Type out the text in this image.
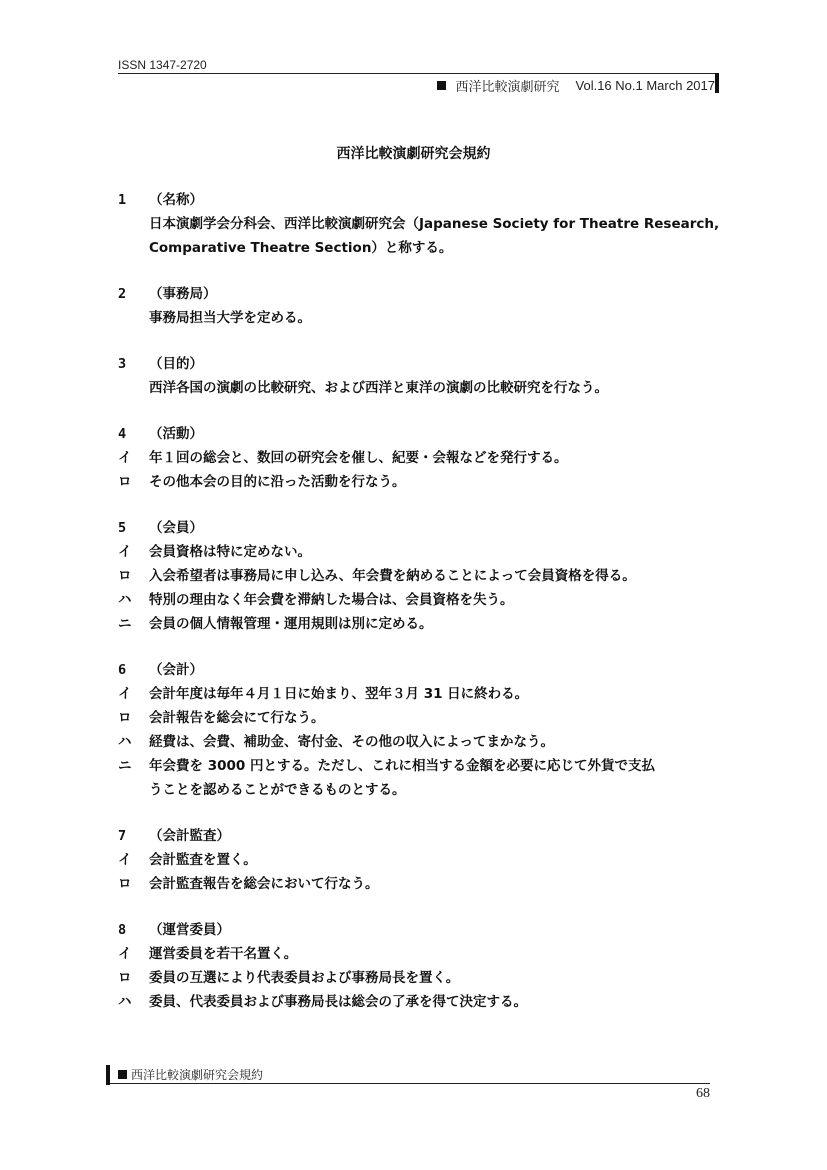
ISSN 1347-2720
西洋比較演劇研究 Vol.16 No.1 March 2017
西洋比較演劇研究会規約
1	（名称）
日本演劇学会分科会、西洋比較演劇研究会（Japanese Society for Theatre Research,
Comparative Theatre Section）と称する。
2	（事務局）
事務局担当大学を定める。
3	（目的）
西洋各国の演劇の比較研究、および西洋と東洋の演劇の比較研究を行なう。
4	（活動）
イ	年１回の総会と、数回の研究会を催し、紀要・会報などを発行する。
ロ	その他本会の目的に沿った活動を行なう。
5	（会員）
イ	会員資格は特に定めない。
ロ	入会希望者は事務局に申し込み、年会費を納めることによって会員資格を得る。
ハ	特別の理由なく年会費を滞納した場合は、会員資格を失う。
ニ	会員の個人情報管理・運用規則は別に定める。
6	（会計）
イ	会計年度は毎年４月１日に始まり、翌年３月 31 日に終わる。
ロ	会計報告を総会にて行なう。
ハ	経費は、会費、補助金、寄付金、その他の収入によってまかなう。
ニ	年会費を 3000 円とする。ただし、これに相当する金額を必要に応じて外貨で支払
うことを認めることができるものとする。
7	（会計監査）
イ	会計監査を置く。
ロ	会計監査報告を総会において行なう。
8	（運営委員）
イ	運営委員を若干名置く。
ロ	委員の互選により代表委員および事務局長を置く。
ハ	委員、代表委員および事務局長は総会の了承を得て決定する。
西洋比較演劇研究会規約
68
